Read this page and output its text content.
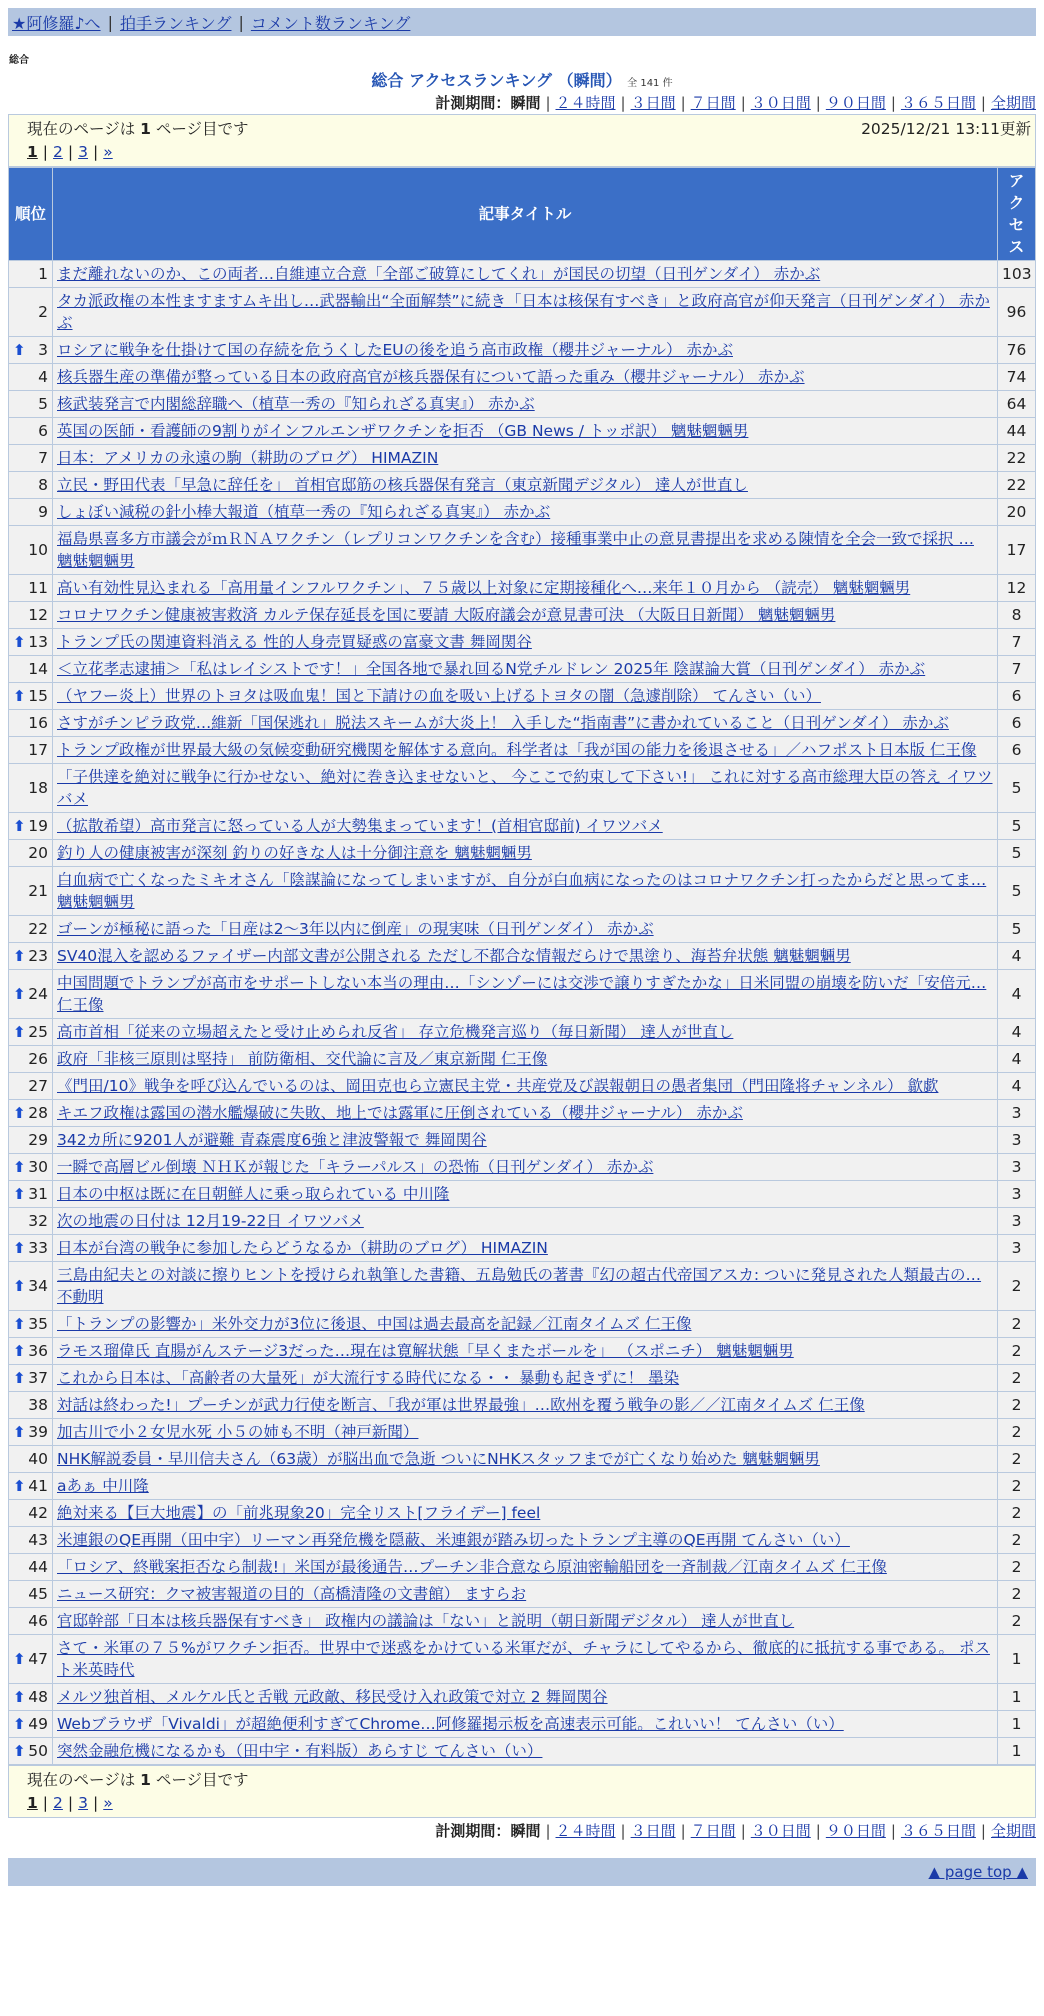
★阿修羅♪へ | 拍手ランキング | コメント数ランキング
総合
総合 アクセスランキング （瞬間） 全 141 件
計測期間：瞬間 | ２４時間 | ３日間 | ７日間 | ３０日間 | ９０日間 | ３６５日間 | 全期間
現在のページは 1 ページ目です	2025/12/21 13:11更新
1 | 2 | 3 | »
順位	記事タイトル	アクセス
1	まだ離れないのか、この両者…自維連立合意「全部ご破算にしてくれ」が国民の切望（日刊ゲンダイ） 赤かぶ	103
2	タカ派政権の本性ますますムキ出し…武器輸出“全面解禁”に続き「日本は核保有すべき」と政府高官が仰天発言（日刊ゲンダイ） 赤かぶ	96

⬆ 3	ロシアに戦争を仕掛けて国の存続を危うくしたEUの後を追う高市政権（櫻井ジャーナル） 赤かぶ	76
4	核兵器生産の準備が整っている日本の政府高官が核兵器保有について語った重み（櫻井ジャーナル） 赤かぶ	74
5	核武装発言で内閣総辞職へ（植草一秀の『知られざる真実』） 赤かぶ	64
6	英国の医師・看護師の9割りがインフルエンザワクチンを拒否 （GB News / トッポ訳） 魑魅魍魎男	44
7	日本：アメリカの永遠の駒（耕助のブログ） HIMAZIN	22
8	立民・野田代表「早急に辞任を」 首相官邸筋の核兵器保有発言（東京新聞デジタル） 達人が世直し	22
9	しょぼい減税の針小棒大報道（植草一秀の『知られざる真実』） 赤かぶ	20
10	福島県喜多方市議会がｍＲＮＡワクチン（レプリコンワクチンを含む）接種事業中止の意見書提出を求める陳情を全会一致で採択 … 魑魅魍魎男	17
11	高い有効性見込まれる「高用量インフルワクチン」、７５歳以上対象に定期接種化へ…来年１０月から （読売） 魑魅魍魎男	12
12	コロナワクチン健康被害救済 カルテ保存延長を国に要請 大阪府議会が意見書可決 （大阪日日新聞） 魑魅魍魎男	8

⬆ 13	トランプ氏の関連資料消える 性的人身売買疑惑の富豪文書 舞岡関谷	7
14	＜立花孝志逮捕＞「私はレイシストです！」全国各地で暴れ回るN党チルドレン 2025年 陰謀論大賞（日刊ゲンダイ） 赤かぶ	7

⬆ 15	（ヤフー炎上）世界のトヨタは吸血鬼！国と下請けの血を吸い上げるトヨタの闇（急遽削除） てんさい（い）	6
16	さすがチンピラ政党…維新「国保逃れ」脱法スキームが大炎上！ 入手した“指南書”に書かれていること（日刊ゲンダイ） 赤かぶ	6
17	トランプ政権が世界最大級の気候変動研究機関を解体する意向。科学者は「我が国の能力を後退させる」／ハフポスト日本版 仁王像	6
18	「子供達を絶対に戦争に行かせない、絶対に巻き込ませないと、 今ここで約束して下さい!」 これに対する高市総理大臣の答え イワツバメ	5

⬆ 19	（拡散希望）高市発言に怒っている人が大勢集まっています！(首相官邸前) イワツバメ	5
20	釣り人の健康被害が深刻 釣りの好きな人は十分御注意を 魑魅魍魎男	5
21	白血病で亡くなったミキオさん「陰謀論になってしまいますが、自分が白血病になったのはコロナワクチン打ったからだと思ってま… 魑魅魍魎男	5
22	ゴーンが極秘に語った「日産は2～3年以内に倒産」の現実味（日刊ゲンダイ） 赤かぶ	5

⬆ 23	SV40混入を認めるファイザー内部文書が公開される ただし不都合な情報だらけで黒塗り、海苔弁状態 魑魅魍魎男	4

⬆ 24	中国問題でトランプが高市をサポートしない本当の理由…「シンゾーには交渉で譲りすぎたかな」日米同盟の崩壊を防いだ「安倍元… 仁王像	4

⬆ 25	高市首相「従来の立場超えたと受け止められ反省」 存立危機発言巡り（毎日新聞） 達人が世直し	4
26	政府「非核三原則は堅持」 前防衛相、交代論に言及／東京新聞 仁王像	4
27	《門田/10》戦争を呼び込んでいるのは、岡田克也ら立憲民主党・共産党及び誤報朝日の愚者集団（門田隆将チャンネル） 歙歔	4

⬆ 28	キエフ政権は露国の潜水艦爆破に失敗、地上では露軍に圧倒されている（櫻井ジャーナル） 赤かぶ	3
29	342カ所に9201人が避難 青森震度6強と津波警報で 舞岡関谷	3

⬆ 30	一瞬で高層ビル倒壊 ＮＨＫが報じた「キラーパルス」の恐怖（日刊ゲンダイ） 赤かぶ	3

⬆ 31	日本の中枢は既に在日朝鮮人に乗っ取られている 中川隆	3
32	次の地震の日付は 12月19-22日 イワツバメ	3

⬆ 33	日本が台湾の戦争に参加したらどうなるか（耕助のブログ） HIMAZIN	3

⬆ 34	三島由紀夫との対談に擦りヒントを授けられ執筆した書籍、五島勉氏の著書『幻の超古代帝国アスカ: ついに発見された人類最古の… 不動明	2

⬆ 35	「トランプの影響か」米外交力が3位に後退、中国は過去最高を記録／江南タイムズ 仁王像	2

⬆ 36	ラモス瑠偉氏 直腸がんステージ3だった…現在は寛解状態「早くまたボールを」 （スポニチ） 魑魅魍魎男	2

⬆ 37	これから日本は、「高齢者の大量死」が大流行する時代になる・・ 暴動も起きずに！ 墨染	2
38	対話は終わった!」プーチンが武力行使を断言、「我が軍は世界最強」…欧州を覆う戦争の影／／江南タイムズ 仁王像	2

⬆ 39	加古川で小２女児水死 小５の姉も不明（神戸新聞）	2
40	NHK解説委員・早川信夫さん（63歳）が脳出血で急逝 ついにNHKスタッフまでが亡くなり始めた 魑魅魍魎男	2

⬆ 41	aあぁ 中川隆	2
42	絶対来る【巨大地震】の「前兆現象20」完全リスト[フライデー] feel	2
43	米連銀のQE再開（田中宇）リーマン再発危機を隠蔽、米連銀が踏み切ったトランプ主導のQE再開 てんさい（い）	2
44	「ロシア、終戦案拒否なら制裁!」米国が最後通告…プーチン非合意なら原油密輸船団を一斉制裁／江南タイムズ 仁王像	2
45	ニュース研究：クマ被害報道の目的（高橋清隆の文書館） ますらお	2
46	官邸幹部「日本は核兵器保有すべき」 政権内の議論は「ない」と説明（朝日新聞デジタル） 達人が世直し	2

⬆ 47	さて・米軍の７５%がワクチン拒否。世界中で迷惑をかけている米軍だが、チャラにしてやるから、徹底的に抵抗する事である。 ポスト米英時代	1

⬆ 48	メルツ独首相、メルケル氏と舌戦 元政敵、移民受け入れ政策で対立 2 舞岡関谷	1

⬆ 49	Webブラウザ「Vivaldi」が超絶便利すぎてChrome…阿修羅掲示板を高速表示可能。これいい！ てんさい（い）	1

⬆ 50	突然金融危機になるかも（田中宇・有料版）あらすじ てんさい（い）	1
現在のページは 1 ページ目です
1 | 2 | 3 | »
計測期間：瞬間 | ２４時間 | ３日間 | ７日間 | ３０日間 | ９０日間 | ３６５日間 | 全期間
▲ page top ▲
